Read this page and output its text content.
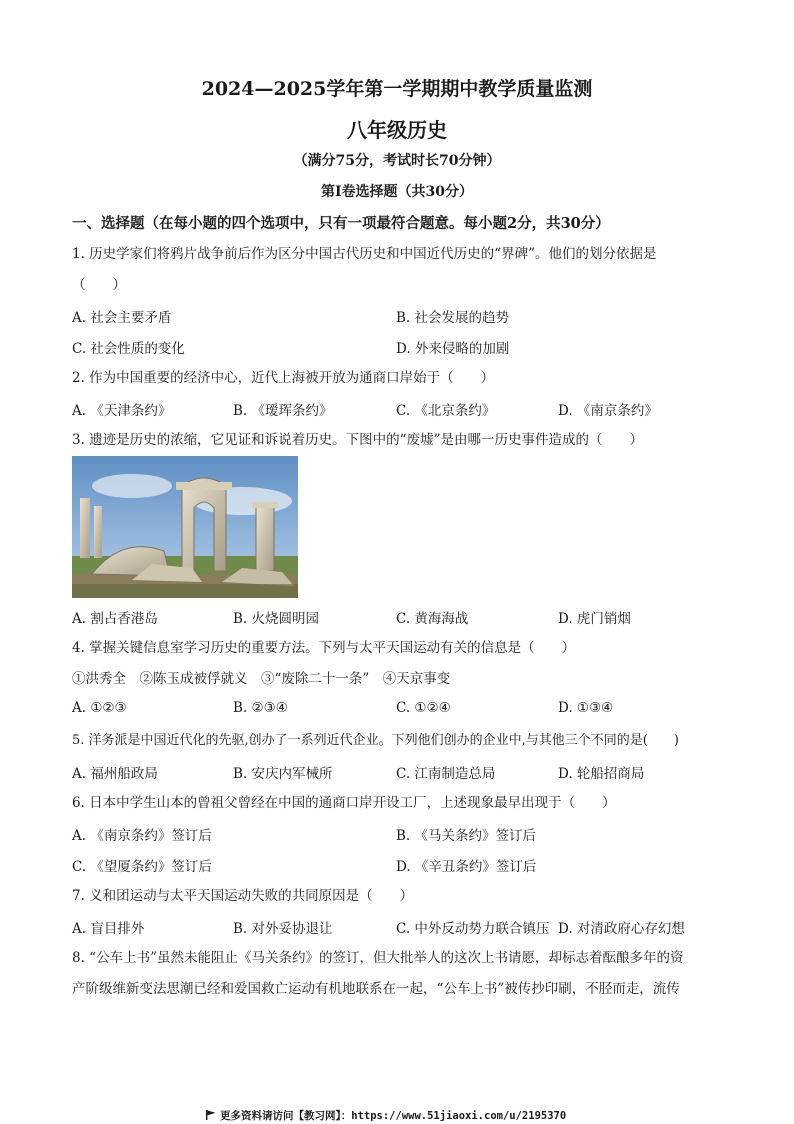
2024—2025学年第一学期期中教学质量监测
八年级历史
（满分75分，考试时长70分钟）
第Ⅰ卷选择题（共30分）
一、选择题（在每小题的四个选项中，只有一项最符合题意。每小题2分，共30分）
1. 历史学家们将鸦片战争前后作为区分中国古代历史和中国近代历史的“界碑”。他们的划分依据是
（　　）
A. 社会主要矛盾	B. 社会发展的趋势
C. 社会性质的变化	D. 外来侵略的加剧
2. 作为中国重要的经济中心，近代上海被开放为通商口岸始于（　　）
A. 《天津条约》	B. 《瑷珲条约》	C. 《北京条约》	D. 《南京条约》
3. 遗迹是历史的浓缩，它见证和诉说着历史。下图中的“废墟”是由哪一历史事件造成的（　　）
A. 割占香港岛	B. 火烧圆明园	C. 黄海海战	D. 虎门销烟
4. 掌握关键信息室学习历史的重要方法。下列与太平天国运动有关的信息是（　　）
①洪秀全　②陈玉成被俘就义　③“废除二十一条”　④天京事变
A. ①②③	B. ②③④	C. ①②④	D. ①③④
5. 洋务派是中国近代化的先驱,创办了一系列近代企业。下列他们创办的企业中,与其他三个不同的是(　　)
A. 福州船政局	B. 安庆内军械所	C. 江南制造总局	D. 轮船招商局
6. 日本中学生山本的曾祖父曾经在中国的通商口岸开设工厂，上述现象最早出现于（　　）
A. 《南京条约》签订后	B. 《马关条约》签订后
C. 《望厦条约》签订后	D. 《辛丑条约》签订后
7. 义和团运动与太平天国运动失败的共同原因是（　　）
A. 盲目排外	B. 对外妥协退让	C. 中外反动势力联合镇压 D. 对清政府心存幻想
8. “公车上书”虽然未能阻止《马关条约》的签订，但大批举人的这次上书请愿，却标志着酝酿多年的资
产阶级维新变法思潮已经和爱国救亡运动有机地联系在一起，“公车上书”被传抄印刷，不胫而走，流传
更多资料请访问【教习网】：https://www.51jiaoxi.com/u/2195370
